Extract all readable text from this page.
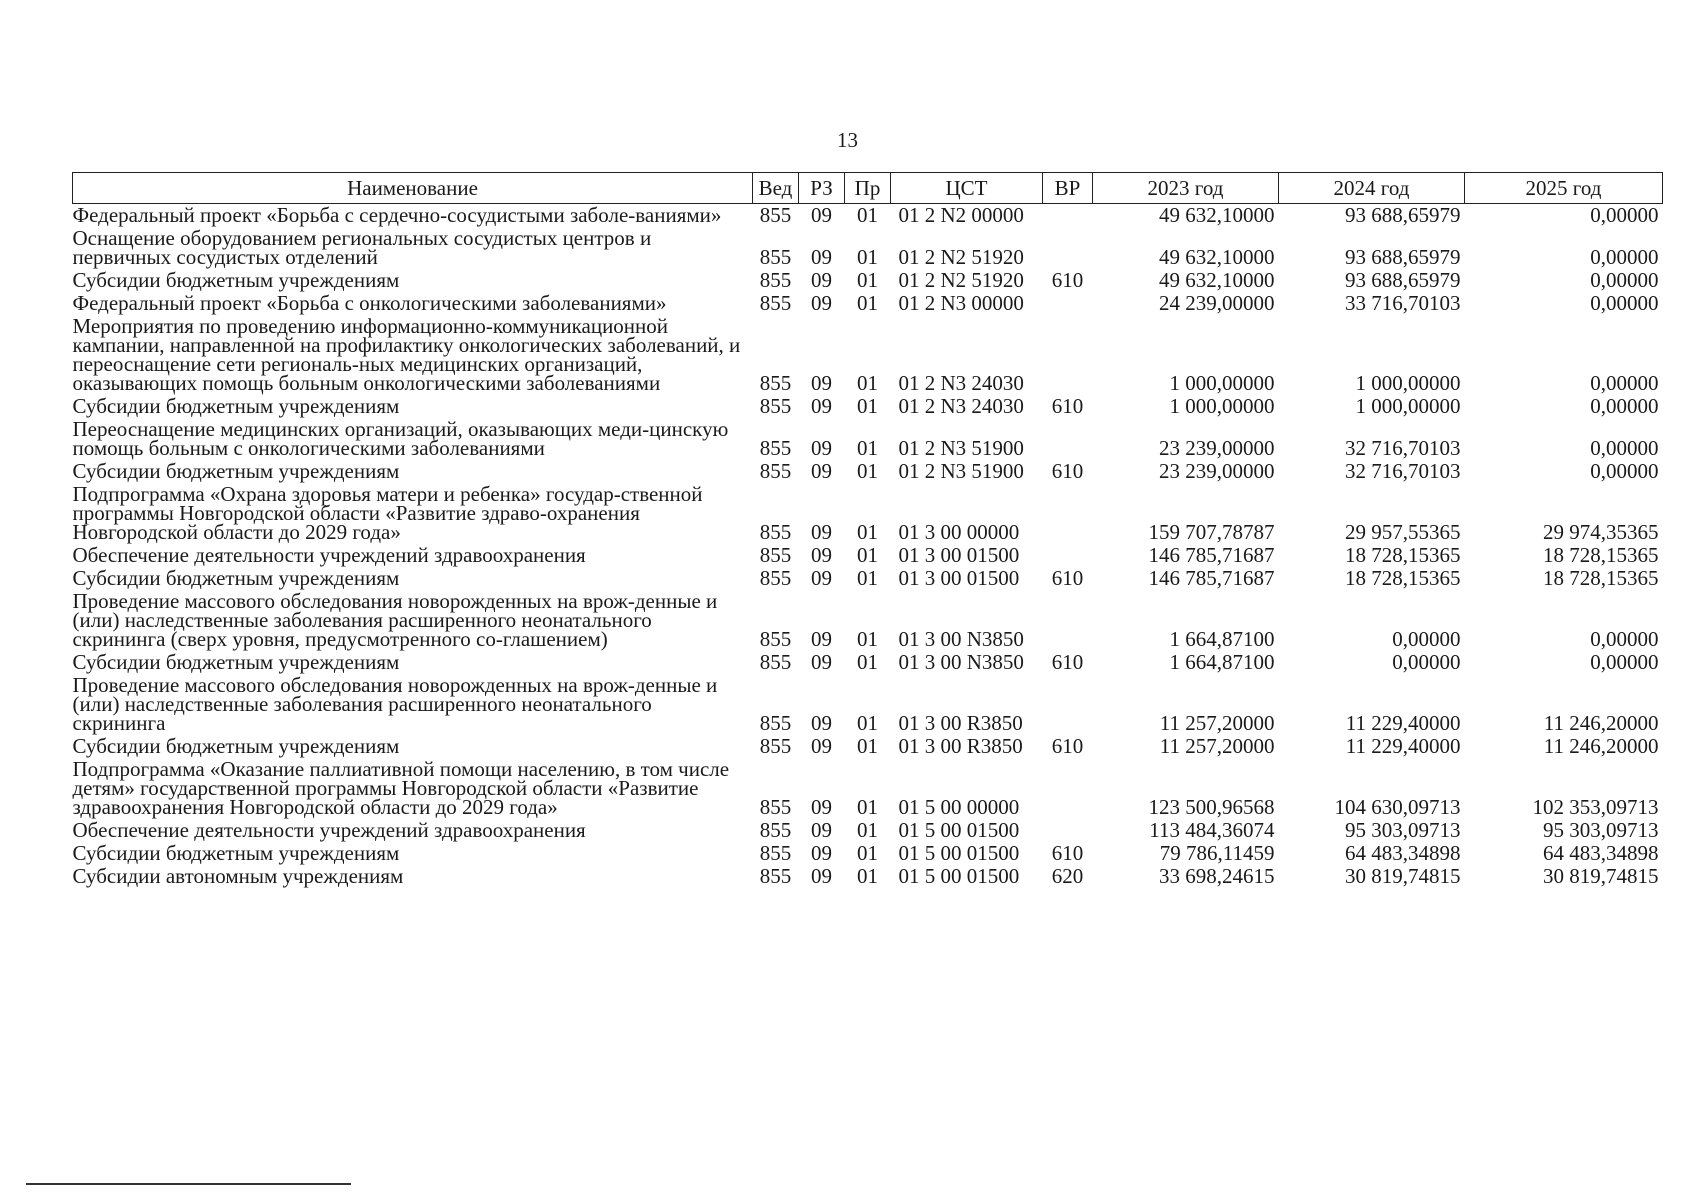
13
Наименование	Вед	РЗ	Пр	ЦСТ	ВР	2023 год	2024 год	2025 год
Федеральный проект «Борьба с сердечно-сосудистыми заболе-ваниями»	855	09	01	01 2 N2 00000		49 632,10000	93 688,65979	0,00000
Оснащение оборудованием региональных сосудистых центров и первичных сосудистых отделений	855	09	01	01 2 N2 51920		49 632,10000	93 688,65979	0,00000
Субсидии бюджетным учреждениям	855	09	01	01 2 N2 51920	610	49 632,10000	93 688,65979	0,00000
Федеральный проект «Борьба с онкологическими заболеваниями»	855	09	01	01 2 N3 00000		24 239,00000	33 716,70103	0,00000
Мероприятия по проведению информационно-коммуникационной кампании, направленной на профилактику онкологических заболеваний, и переоснащение сети региональ-ных медицинских организаций, оказывающих помощь больным онкологическими заболеваниями	855	09	01	01 2 N3 24030		1 000,00000	1 000,00000	0,00000
Субсидии бюджетным учреждениям	855	09	01	01 2 N3 24030	610	1 000,00000	1 000,00000	0,00000
Переоснащение медицинских организаций, оказывающих меди-цинскую помощь больным с онкологическими заболеваниями	855	09	01	01 2 N3 51900		23 239,00000	32 716,70103	0,00000
Субсидии бюджетным учреждениям	855	09	01	01 2 N3 51900	610	23 239,00000	32 716,70103	0,00000
Подпрограмма «Охрана здоровья матери и ребенка» государ-ственной программы Новгородской области «Развитие здраво-охранения Новгородской области до 2029 года»	855	09	01	01 3 00 00000		159 707,78787	29 957,55365	29 974,35365
Обеспечение деятельности учреждений здравоохранения	855	09	01	01 3 00 01500		146 785,71687	18 728,15365	18 728,15365
Субсидии бюджетным учреждениям	855	09	01	01 3 00 01500	610	146 785,71687	18 728,15365	18 728,15365
Проведение массового обследования новорожденных на врож-денные и (или) наследственные заболевания расширенного неонатального скрининга (сверх уровня, предусмотренного со-глашением)	855	09	01	01 3 00 N3850		1 664,87100	0,00000	0,00000
Субсидии бюджетным учреждениям	855	09	01	01 3 00 N3850	610	1 664,87100	0,00000	0,00000
Проведение массового обследования новорожденных на врож-денные и (или) наследственные заболевания расширенного неонатального скрининга	855	09	01	01 3 00 R3850		11 257,20000	11 229,40000	11 246,20000
Субсидии бюджетным учреждениям	855	09	01	01 3 00 R3850	610	11 257,20000	11 229,40000	11 246,20000
Подпрограмма «Оказание паллиативной помощи населению, в том числе детям» государственной программы Новгородской области «Развитие здравоохранения Новгородской области до 2029 года»	855	09	01	01 5 00 00000		123 500,96568	104 630,09713	102 353,09713
Обеспечение деятельности учреждений здравоохранения	855	09	01	01 5 00 01500		113 484,36074	95 303,09713	95 303,09713
Субсидии бюджетным учреждениям	855	09	01	01 5 00 01500	610	79 786,11459	64 483,34898	64 483,34898
Субсидии автономным учреждениям	855	09	01	01 5 00 01500	620	33 698,24615	30 819,74815	30 819,74815
